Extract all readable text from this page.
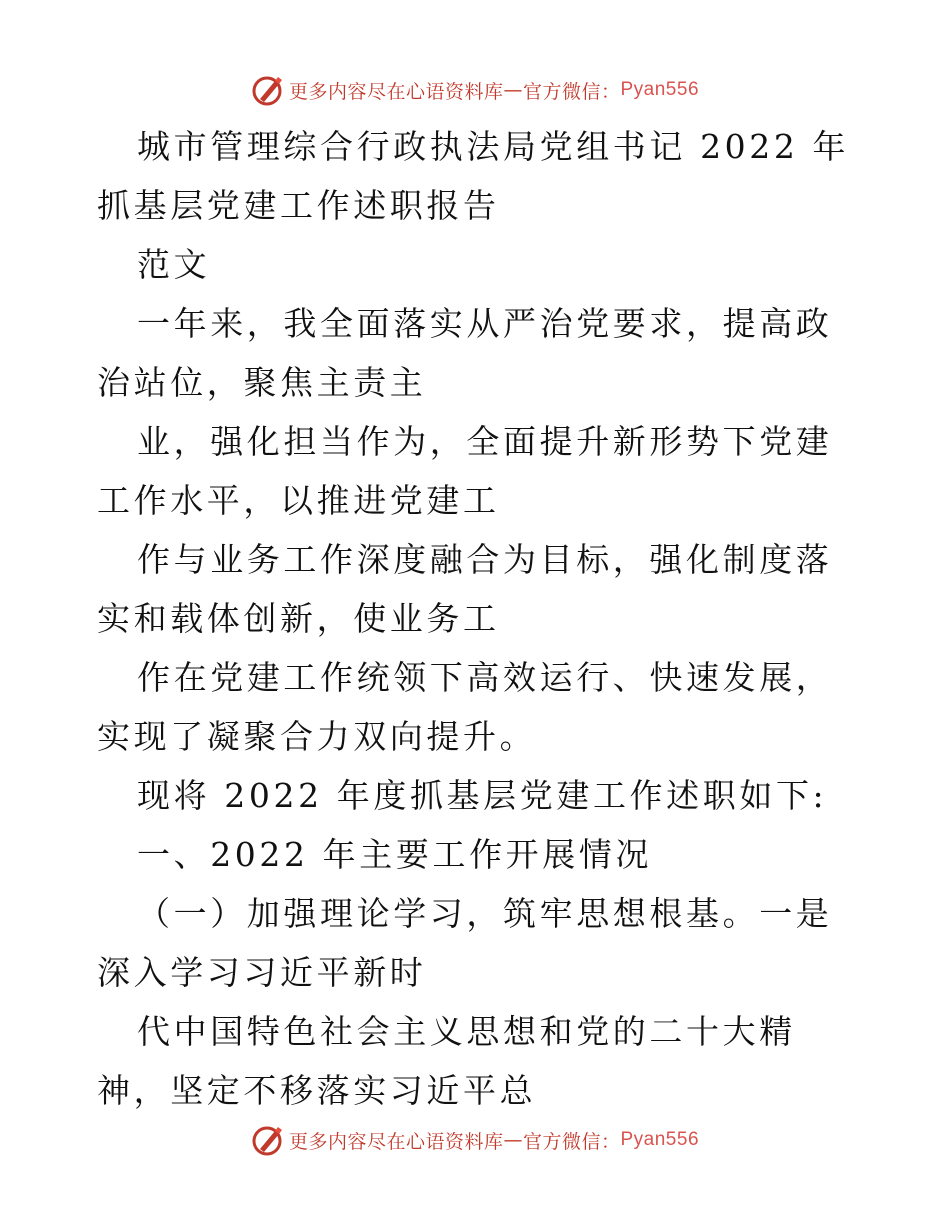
更多内容尽在心语资料库 — 官方微信： Pyan556

城市管理综合行政执法局党组书记 2022 年抓基层党建工作述职报告

范文

一年来，我全面落实从严治党要求，提高政治站位，聚焦主责主

业，强化担当作为，全面提升新形势下党建工作水平，以推进党建工

作与业务工作深度融合为目标，强化制度落实和载体创新，使业务工

作在党建工作统领下高效运行、快速发展，实现了凝聚合力双向提升。

现将 2022 年度抓基层党建工作述职如下:

一、2022 年主要工作开展情况

（一）加强理论学习，筑牢思想根基。一是深入学习习近平新时

代中国特色社会主义思想和党的二十大精神，坚定不移落实习近平总

更多内容尽在心语资料库 — 官方微信： Pyan556
